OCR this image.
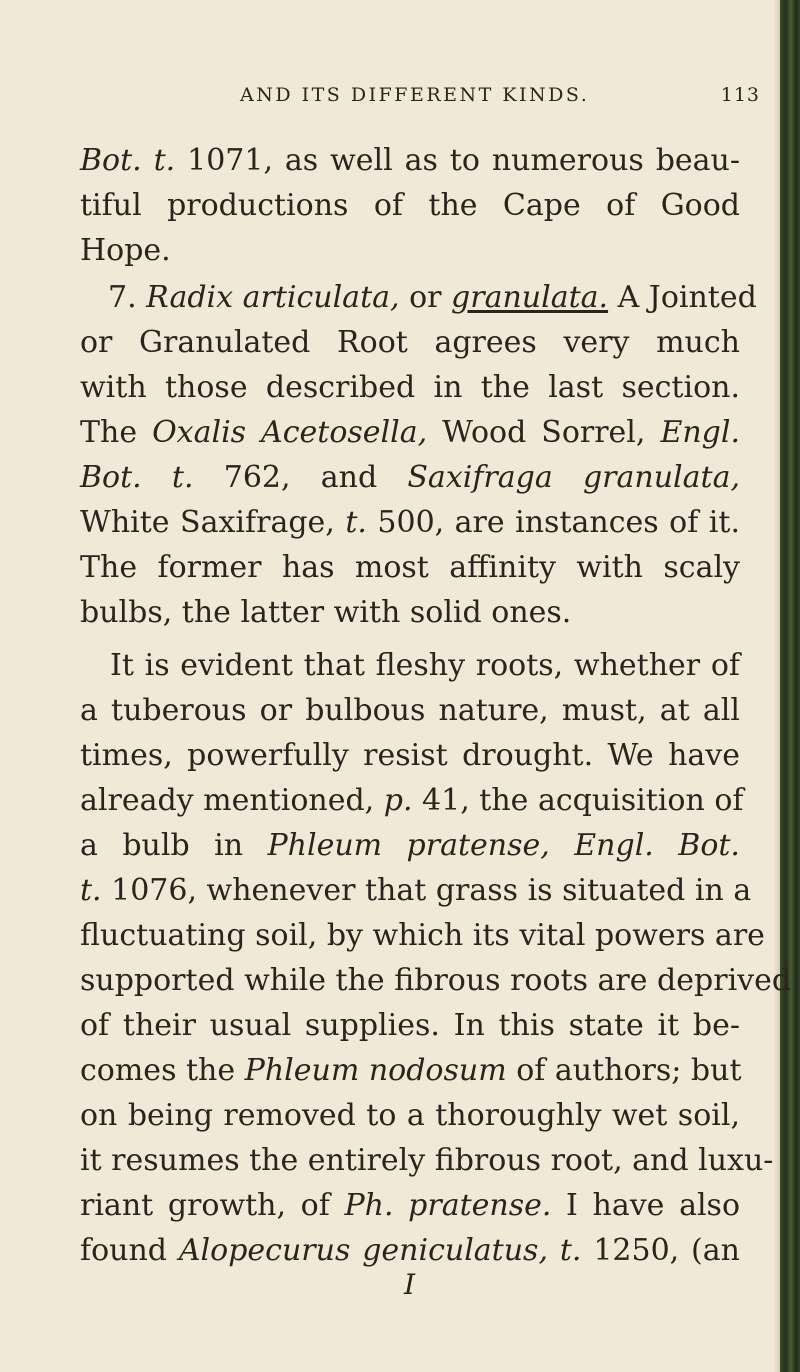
AND ITS DIFFERENT KINDS.	113
Bot. t. 1071, as well as to numerous beau-
tiful productions of the Cape of Good
Hope.
7. Radix articulata, or granulata. A Jointed
or Granulated Root agrees very much
with those described in the last section.
The Oxalis Acetosella, Wood Sorrel, Engl.
Bot. t. 762, and Saxifraga granulata,
White Saxifrage, t. 500, are instances of it.
The former has most affinity with scaly
bulbs, the latter with solid ones.
It is evident that fleshy roots, whether of
a tuberous or bulbous nature, must, at all
times, powerfully resist drought. We have
already mentioned, p. 41, the acquisition of
a bulb in Phleum pratense, Engl. Bot.
t. 1076, whenever that grass is situated in a
fluctuating soil, by which its vital powers are
supported while the fibrous roots are deprived
of their usual supplies. In this state it be-
comes the Phleum nodosum of authors; but
on being removed to a thoroughly wet soil,
it resumes the entirely fibrous root, and luxu-
riant growth, of Ph. pratense. I have also
found Alopecurus geniculatus, t. 1250, (an
I
